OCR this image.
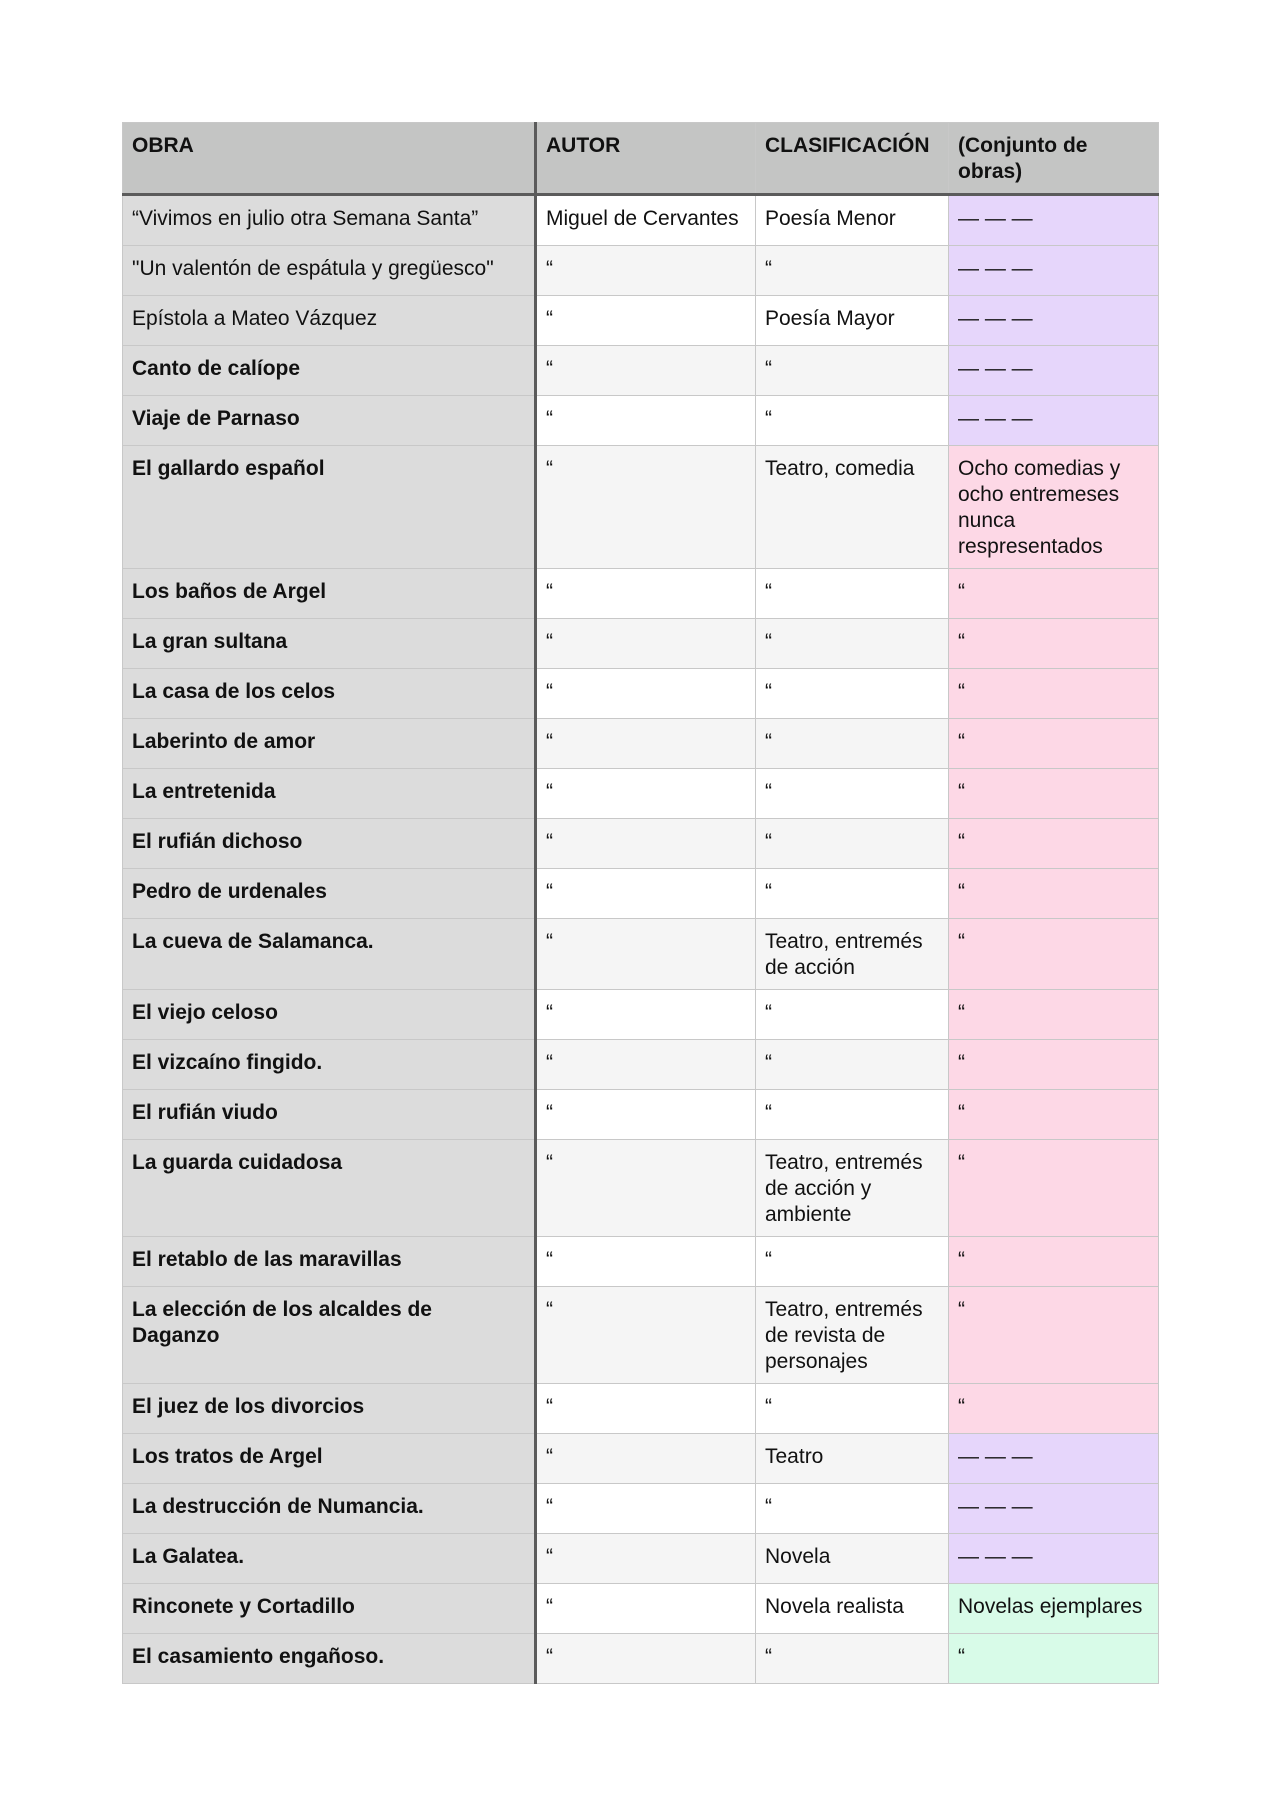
OBRA	AUTOR	CLASIFICACIÓN	(Conjunto de obras)
“Vivimos en julio otra Semana Santa”	Miguel de Cervantes	Poesía Menor	— — —
"Un valentón de espátula y gregüesco"	“	“	— — —
Epístola a Mateo Vázquez	“	Poesía Mayor	— — —
Canto de calíope	“	“	— — —
Viaje de Parnaso	“	“	— — —
El gallardo español	“	Teatro, comedia	Ocho comedias y ocho entremeses nunca respresentados
Los baños de Argel	“	“	“
La gran sultana	“	“	“
La casa de los celos	“	“	“
Laberinto de amor	“	“	“
La entretenida	“	“	“
El rufián dichoso	“	“	“
Pedro de urdenales	“	“	“
La cueva de Salamanca.	“	Teatro, entremés de acción	“
El viejo celoso	“	“	“
El vizcaíno fingido.	“	“	“
El rufián viudo	“	“	“
La guarda cuidadosa	“	Teatro, entremés de acción y ambiente	“
El retablo de las maravillas	“	“	“
La elección de los alcaldes de Daganzo	“	Teatro, entremés de revista de personajes	“
El juez de los divorcios	“	“	“
Los tratos de Argel	“	Teatro	— — —
La destrucción de Numancia.	“	“	— — —
La Galatea.	“	Novela	— — —
Rinconete y Cortadillo	“	Novela realista	Novelas ejemplares
El casamiento engañoso.	“	“	“
